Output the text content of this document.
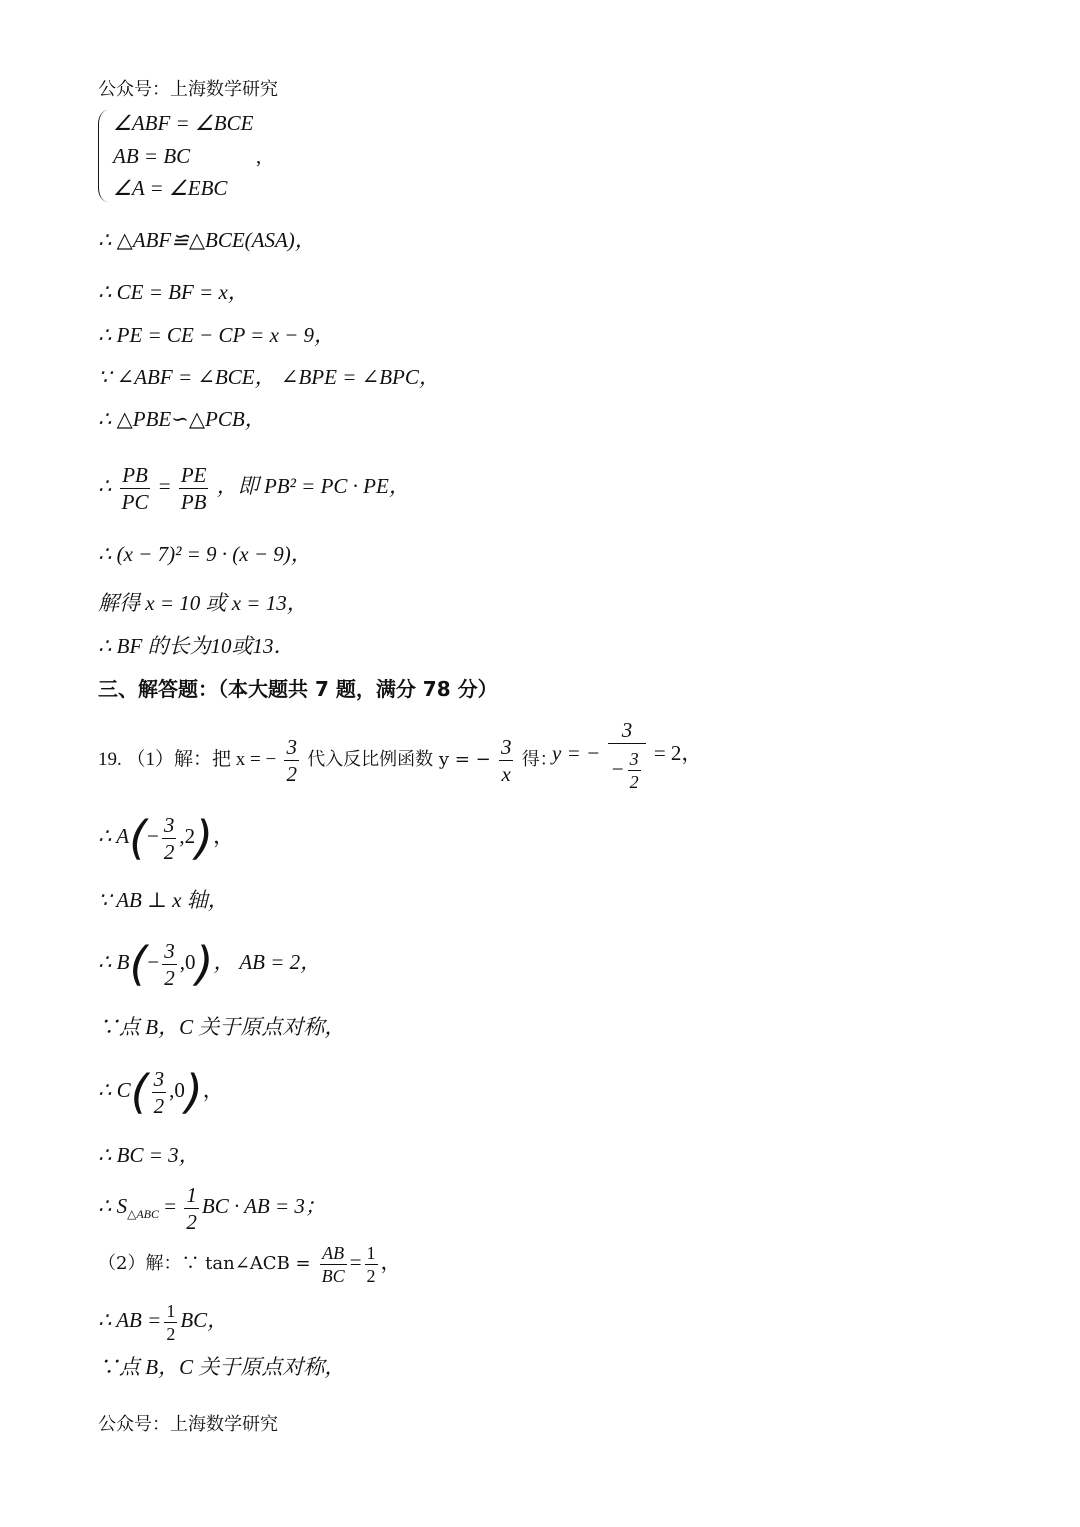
公众号：上海数学研究
∠ABF = ∠BCE
AB = BC
∠A = ∠EBC
,
∴ △ABF≌△BCE(ASA)，
∴ CE = BF = x，
∴ PE = CE − CP = x − 9，
∵ ∠ABF = ∠BCE， ∠BPE = ∠BPC，
∴ △PBE∽△PCB，
∴ $\frac{PB}{PC} = \frac{PE}{PB}$ ，即 PB² = PC · PE，
∴ (x − 7)² = 9 · (x − 9)，
解得 x = 10 或 x = 13，
∴ BF 的长为10或13．
三、解答题：（本大题共 7 题，满分 78 分）
19. （1）解：把 x = − $\frac{3}{2}$ 代入反比例函数 y = − $\frac{3}{x}$ 得：
y = − $\frac{3}{- \frac{3}{2}} = 2$，
∴ $A(- \frac{3}{2} ,2)$，
∵ AB ⊥ x 轴，
∴ $B(- \frac{3}{2} ,0)$， AB = 2，
∵点 B，C 关于原点对称，
∴ $C( \frac{3}{2} ,0)$，
∴ BC = 3，
∴ $S_{\triangle ABC} = \frac{1}{2}$ BC · AB = 3；
（2）解：∵ tan∠ACB = $\frac{AB}{BC} = \frac{1}{2}$ ，
∴ AB = $\frac{1}{2}$ BC，
∵点 B，C 关于原点对称，
公众号：上海数学研究
